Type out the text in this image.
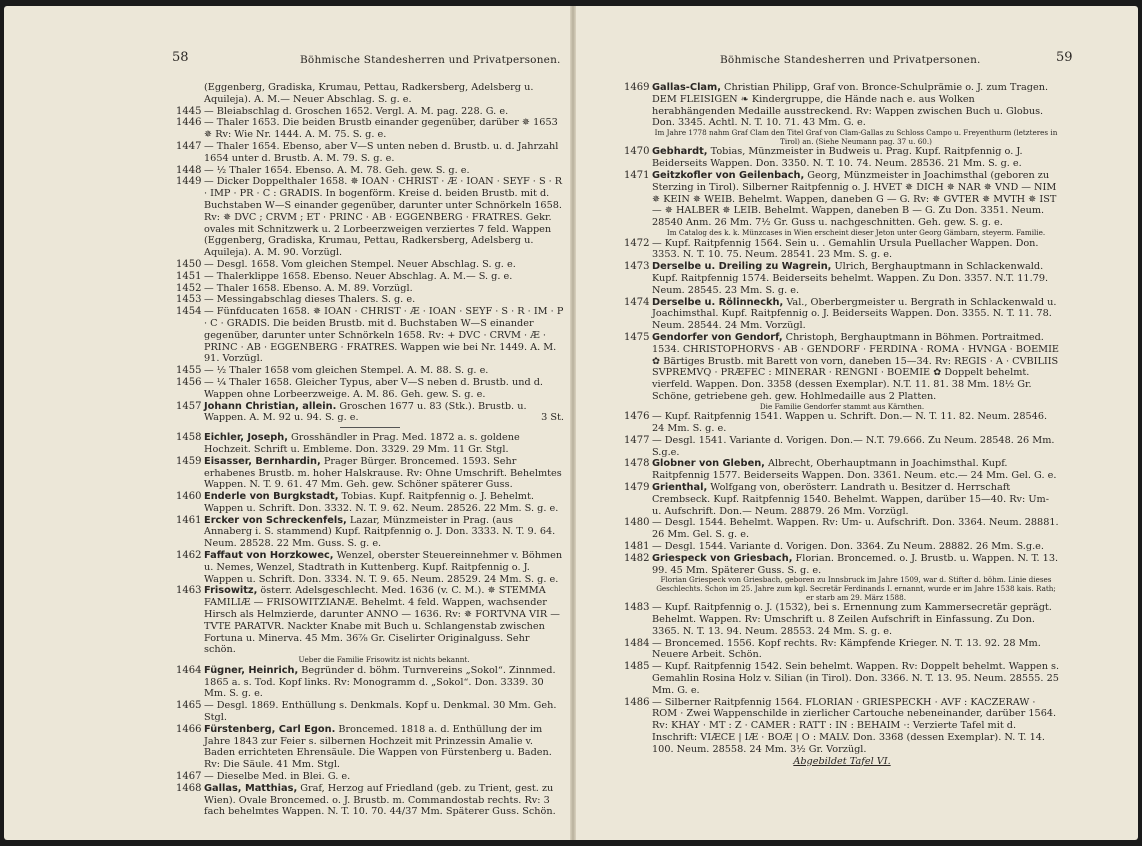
58	Böhmische Standesherren und Privatpersonen.
(Eggenberg, Gradiska, Krumau, Pettau, Radkersberg, Adelsberg u. Aquileja). A. M.— Neuer Abschlag. S. g. e.
1445 — Bleiabschlag d. Groschen 1652. Vergl. A. M. pag. 228. G. e.
1446 — Thaler 1653. Die beiden Brustb einander gegenüber, darüber ✵ 1653 ✵ Rv: Wie Nr. 1444. A. M. 75. S. g. e.
1447 — Thaler 1654. Ebenso, aber V—S unten neben d. Brustb. u. d. Jahrzahl 1654 unter d. Brustb. A. M. 79. S. g. e.
1448 — ½ Thaler 1654. Ebenso. A. M. 78. Geh. gew. S. g. e.
1449 — Dicker Doppelthaler 1658. ✵ IOAN · CHRIST · Æ · IOAN · SEYF · S · R · IMP · PR · C : GRADIS. In bogenförm. Kreise d. beiden Brustb. mit d. Buchstaben W—S einander gegenüber, darunter unter Schnörkeln 1658. Rv: ✵ DVC ; CRVM ; ET · PRINC · AB · EGGENBERG · FRATRES. Gekr. ovales mit Schnitzwerk u. 2 Lorbeerzweigen verziertes 7 feld. Wappen (Eggenberg, Gradiska, Krumau, Pettau, Radkersberg, Adelsberg u. Aquileja). A. M. 90. Vorzügl.
1450 — Desgl. 1658. Vom gleichen Stempel. Neuer Abschlag. S. g. e.
1451 — Thalerklippe 1658. Ebenso. Neuer Abschlag. A. M.— S. g. e.
1452 — Thaler 1658. Ebenso. A. M. 89. Vorzügl.
1453 — Messingabschlag dieses Thalers. S. g. e.
1454 — Fünfducaten 1658. ✵ IOAN · CHRIST · Æ · IOAN · SEYF · S · R · IM · P · C · GRADIS. Die beiden Brustb. mit d. Buchstaben W—S einander gegenüber, darunter unter Schnörkeln 1658. Rv: + DVC · CRVM · Æ · PRINC · AB · EGGENBERG · FRATRES. Wappen wie bei Nr. 1449. A. M. 91. Vorzügl.
1455 — ½ Thaler 1658 vom gleichen Stempel. A. M. 88. S. g. e.
1456 — ¼ Thaler 1658. Gleicher Typus, aber V—S neben d. Brustb. und d. Wappen ohne Lorbeerzweige. A. M. 86. Geh. gew. S. g. e.
1457 Johann Christian, allein. Groschen 1677 u. 83 (Stk.). Brustb. u. Wappen. A. M. 92 u. 94. S. g. e.	3 St.
1458 Eichler, Joseph, Grosshändler in Prag. Med. 1872 a. s. goldene Hochzeit. Schrift u. Embleme. Don. 3329. 29 Mm. 11 Gr. Stgl.
1459 Eisasser, Bernhardin, Prager Bürger. Broncemed. 1593. Sehr erhabenes Brustb. m. hoher Halskrause. Rv: Ohne Umschrift. Behelmtes Wappen. N. T. 9. 61. 47 Mm. Geh. gew. Schöner späterer Guss.
1460 Enderle von Burgkstadt, Tobias. Kupf. Raitpfennig o. J. Behelmt. Wappen u. Schrift. Don. 3332. N. T. 9. 62. Neum. 28526. 22 Mm. S. g. e.
1461 Ercker von Schreckenfels, Lazar, Münzmeister in Prag. (aus Annaberg i. S. stammend) Kupf. Raitpfennig o. J. Don. 3333. N. T. 9. 64. Neum. 28528. 22 Mm. Guss. S. g. e.
1462 Faffaut von Horzkowec, Wenzel, oberster Steuereinnehmer v. Böhmen u. Nemes, Wenzel, Stadtrath in Kuttenberg. Kupf. Raitpfennig o. J. Wappen u. Schrift. Don. 3334. N. T. 9. 65. Neum. 28529. 24 Mm. S. g. e.
1463 Frisowitz, österr. Adelsgeschlecht. Med. 1636 (v. C. M.). ✵ STEMMA FAMILIÆ — FRISOWITZIANÆ. Behelmt. 4 feld. Wappen, wachsender Hirsch als Helmzierde, darunter ANNO — 1636. Rv: ✵ FORTVNA VIR — TVTE PARATVR. Nackter Knabe mit Buch u. Schlangenstab zwischen Fortuna u. Minerva. 45 Mm. 36⅞ Gr. Ciselirter Originalguss. Sehr schön.
Ueber die Familie Frisowitz ist nichts bekannt.
1464 Fügner, Heinrich, Begründer d. böhm. Turnvereins „Sokol“. Zinnmed. 1865 a. s. Tod. Kopf links. Rv: Monogramm d. „Sokol“. Don. 3339. 30 Mm. S. g. e.
1465 — Desgl. 1869. Enthüllung s. Denkmals. Kopf u. Denkmal. 30 Mm. Geh. Stgl.
1466 Fürstenberg, Carl Egon. Broncemed. 1818 a. d. Enthüllung der im Jahre 1843 zur Feier s. silbernen Hochzeit mit Prinzessin Amalie v. Baden errichteten Ehrensäule. Die Wappen von Fürstenberg u. Baden. Rv: Die Säule. 41 Mm. Stgl.
1467 — Dieselbe Med. in Blei. G. e.
1468 Gallas, Matthias, Graf, Herzog auf Friedland (geb. zu Trient, gest. zu Wien). Ovale Broncemed. o. J. Brustb. m. Commandostab rechts. Rv: 3 fach behelmtes Wappen. N. T. 10. 70. 44/37 Mm. Späterer Guss. Schön.
Böhmische Standesherren und Privatpersonen.	59
1469 Gallas-Clam, Christian Philipp, Graf von. Bronce-Schulprämie o. J. zum Tragen. DEM FLEISIGEN ❧ Kindergruppe, die Hände nach e. aus Wolken herabhängenden Medaille ausstreckend. Rv: Wappen zwischen Buch u. Globus. Don. 3345. Achtl. N. T. 10. 71. 43 Mm. G. e.
Im Jahre 1778 nahm Graf Clam den Titel Graf von Clam-Gallas zu Schloss Campo u. Freyenthurm (letzteres in Tirol) an. (Siehe Neumann pag. 37 u. 60.)
1470 Gebhardt, Tobias, Münzmeister in Budweis u. Prag. Kupf. Raitpfennig o. J. Beiderseits Wappen. Don. 3350. N. T. 10. 74. Neum. 28536. 21 Mm. S. g. e.
1471 Geitzkofler von Geilenbach, Georg, Münzmeister in Joachimsthal (geboren zu Sterzing in Tirol). Silberner Raitpfennig o. J. HVET ✵ DICH ✵ NAR ✵ VND — NIM ✵ KEIN ✵ WEIB. Behelmt. Wappen, daneben G — G. Rv: ✵ GVTER ✵ MVTH ✵ IST — ✵ HALBER ✵ LEIB. Behelmt. Wappen, daneben B — G. Zu Don. 3351. Neum. 28540 Anm. 26 Mm. 7½ Gr. Guss u. nachgeschnitten. Geh. gew. S. g. e.
Im Catalog des k. k. Münzcases in Wien erscheint dieser Jeton unter Georg Gämbarn, steyerm. Familie.
1472 — Kupf. Raitpfennig 1564. Sein u. . Gemahlin Ursula Puellacher Wappen. Don. 3353. N. T. 10. 75. Neum. 28541. 23 Mm. S. g. e.
1473 Derselbe u. Dreiling zu Wagrein, Ulrich, Berghauptmann in Schlackenwald. Kupf. Raitpfennig 1574. Beiderseits behelmt. Wappen. Zu Don. 3357. N.T. 11.79. Neum. 28545. 23 Mm. S. g. e.
1474 Derselbe u. Rölinneckh, Val., Oberbergmeister u. Bergrath in Schlackenwald u. Joachimsthal. Kupf. Raitpfennig o. J. Beiderseits Wappen. Don. 3355. N. T. 11. 78. Neum. 28544. 24 Mm. Vorzügl.
1475 Gendorfer von Gendorf, Christoph, Berghauptmann in Böhmen. Portraitmed. 1534. CHRISTOPHORVS · AB · GENDORF · FERDINA · ROMA · HVNGA · BOEMIE ✿ Bärtiges Brustb. mit Barett von vorn, daneben 15—34. Rv: REGIS · A · CVBILIIS SVPREMVQ · PRÆFEC : MINERAR · RENGNI · BOEMIE ✿ Doppelt behelmt. vierfeld. Wappen. Don. 3358 (dessen Exemplar). N.T. 11. 81. 38 Mm. 18½ Gr. Schöne, getriebene geh. gew. Hohlmedaille aus 2 Platten.
Die Familie Gendorfer stammt aus Kärnthen.
1476 — Kupf. Raitpfennig 1541. Wappen u. Schrift. Don.— N. T. 11. 82. Neum. 28546. 24 Mm. S. g. e.
1477 — Desgl. 1541. Variante d. Vorigen. Don.— N.T. 79.666. Zu Neum. 28548. 26 Mm. S.g.e.
1478 Globner von Gleben, Albrecht, Oberhauptmann in Joachimsthal. Kupf. Raitpfennig 1577. Beiderseits Wappen. Don. 3361. Neum. etc.— 24 Mm. Gel. G. e.
1479 Grienthal, Wolfgang von, oberösterr. Landrath u. Besitzer d. Herrschaft Crembseck. Kupf. Raitpfennig 1540. Behelmt. Wappen, darüber 15—40. Rv: Um- u. Aufschrift. Don.— Neum. 28879. 26 Mm. Vorzügl.
1480 — Desgl. 1544. Behelmt. Wappen. Rv: Um- u. Aufschrift. Don. 3364. Neum. 28881. 26 Mm. Gel. S. g. e.
1481 — Desgl. 1544. Variante d. Vorigen. Don. 3364. Zu Neum. 28882. 26 Mm. S.g.e.
1482 Griespeck von Griesbach, Florian. Broncemed. o. J. Brustb. u. Wappen. N. T. 13. 99. 45 Mm. Späterer Guss. S. g. e.
Florian Griespeck von Griesbach, geboren zu Innsbruck im Jahre 1509, war d. Stifter d. böhm. Linie dieses Geschlechts. Schon im 25. Jahre zum kgl. Secretär Ferdinands I. ernannt, wurde er im Jahre 1538 kais. Rath; er starb am 29. März 1588.
1483 — Kupf. Raitpfennig o. J. (1532), bei s. Ernennung zum Kammersecretär geprägt. Behelmt. Wappen. Rv: Umschrift u. 8 Zeilen Aufschrift in Einfassung. Zu Don. 3365. N. T. 13. 94. Neum. 28553. 24 Mm. S. g. e.
1484 — Broncemed. 1556. Kopf rechts. Rv: Kämpfende Krieger. N. T. 13. 92. 28 Mm. Neuere Arbeit. Schön.
1485 — Kupf. Raitpfennig 1542. Sein behelmt. Wappen. Rv: Doppelt behelmt. Wappen s. Gemahlin Rosina Holz v. Silian (in Tirol). Don. 3366. N. T. 13. 95. Neum. 28555. 25 Mm. G. e.
1486 — Silberner Raitpfennig 1564. FLORIAN · GRIESPECKH · AVF : KACZERAW · ROM · Zwei Wappenschilde in zierlicher Cartouche nebeneinander, darüber 1564. Rv: KHAY · MT : Z · CAMER : RATT : IN : BEHAIM ·: Verzierte Tafel mit d. Inschrift: VIÆCE | IÆ · BOÆ | O : MALV. Don. 3368 (dessen Exemplar). N. T. 14. 100. Neum. 28558. 24 Mm. 3½ Gr. Vorzügl.
Abgebildet Tafel VI.
